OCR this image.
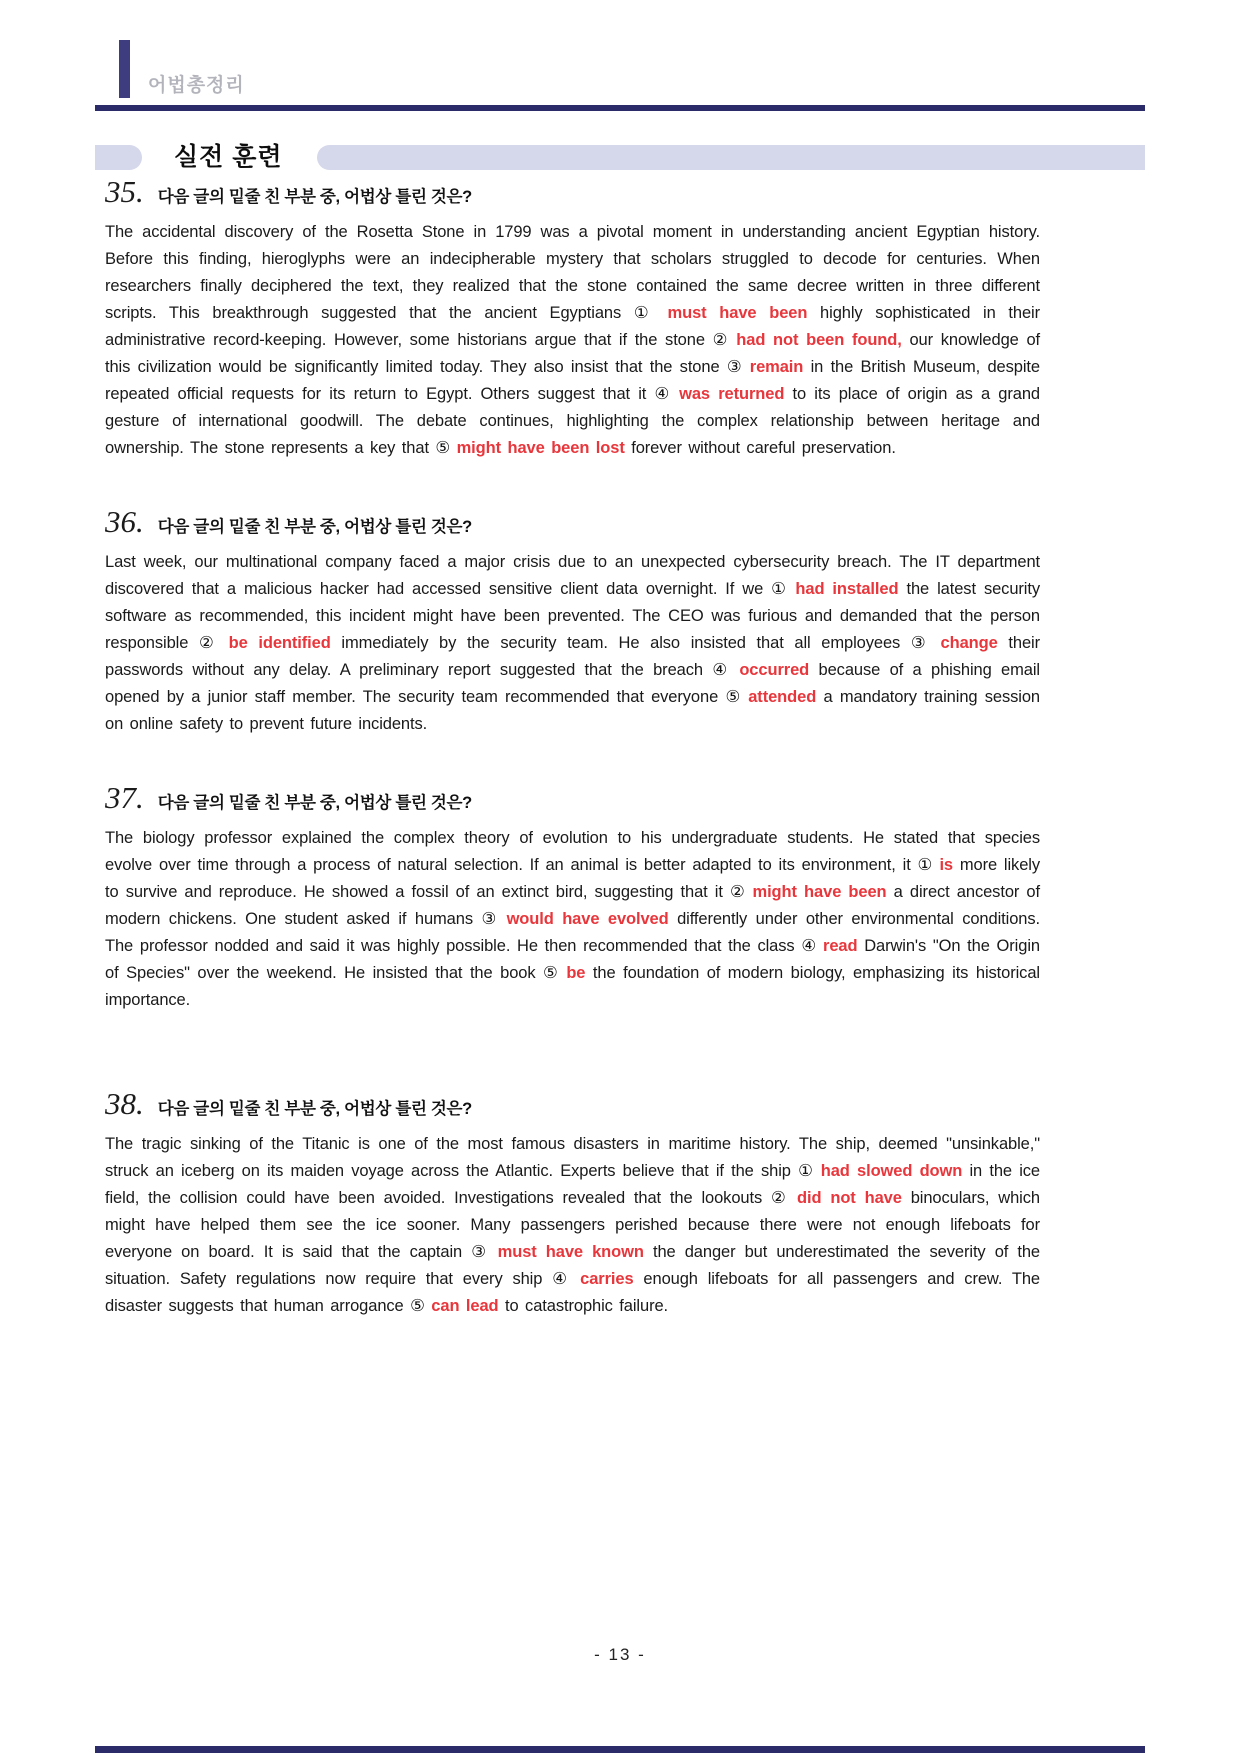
어법총정리
실전 훈련
35. 다음 글의 밑줄 친 부분 중, 어법상 틀린 것은?

The accidental discovery of the Rosetta Stone in 1799 was a pivotal moment in understanding ancient Egyptian history. Before this finding, hieroglyphs were an indecipherable mystery that scholars struggled to decode for centuries. When researchers finally deciphered the text, they realized that the stone contained the same decree written in three different scripts. This breakthrough suggested that the ancient Egyptians ① must have been highly sophisticated in their administrative record-keeping. However, some historians argue that if the stone ② had not been found, our knowledge of this civilization would be significantly limited today. They also insist that the stone ③ remain in the British Museum, despite repeated official requests for its return to Egypt. Others suggest that it ④ was returned to its place of origin as a grand gesture of international goodwill. The debate continues, highlighting the complex relationship between heritage and ownership. The stone represents a key that ⑤ might have been lost forever without careful preservation.

36. 다음 글의 밑줄 친 부분 중, 어법상 틀린 것은?

Last week, our multinational company faced a major crisis due to an unexpected cybersecurity breach. The IT department discovered that a malicious hacker had accessed sensitive client data overnight. If we ① had installed the latest security software as recommended, this incident might have been prevented. The CEO was furious and demanded that the person responsible ② be identified immediately by the security team. He also insisted that all employees ③ change their passwords without any delay. A preliminary report suggested that the breach ④ occurred because of a phishing email opened by a junior staff member. The security team recommended that everyone ⑤ attended a mandatory training session on online safety to prevent future incidents.

37. 다음 글의 밑줄 친 부분 중, 어법상 틀린 것은?

The biology professor explained the complex theory of evolution to his undergraduate students. He stated that species evolve over time through a process of natural selection. If an animal is better adapted to its environment, it ① is more likely to survive and reproduce. He showed a fossil of an extinct bird, suggesting that it ② might have been a direct ancestor of modern chickens. One student asked if humans ③ would have evolved differently under other environmental conditions. The professor nodded and said it was highly possible. He then recommended that the class ④ read Darwin's "On the Origin of Species" over the weekend. He insisted that the book ⑤ be the foundation of modern biology, emphasizing its historical importance.

38. 다음 글의 밑줄 친 부분 중, 어법상 틀린 것은?

The tragic sinking of the Titanic is one of the most famous disasters in maritime history. The ship, deemed "unsinkable," struck an iceberg on its maiden voyage across the Atlantic. Experts believe that if the ship ① had slowed down in the ice field, the collision could have been avoided. Investigations revealed that the lookouts ② did not have binoculars, which might have helped them see the ice sooner. Many passengers perished because there were not enough lifeboats for everyone on board. It is said that the captain ③ must have known the danger but underestimated the severity of the situation. Safety regulations now require that every ship ④ carries enough lifeboats for all passengers and crew. The disaster suggests that human arrogance ⑤ can lead to catastrophic failure.

- 13 -
